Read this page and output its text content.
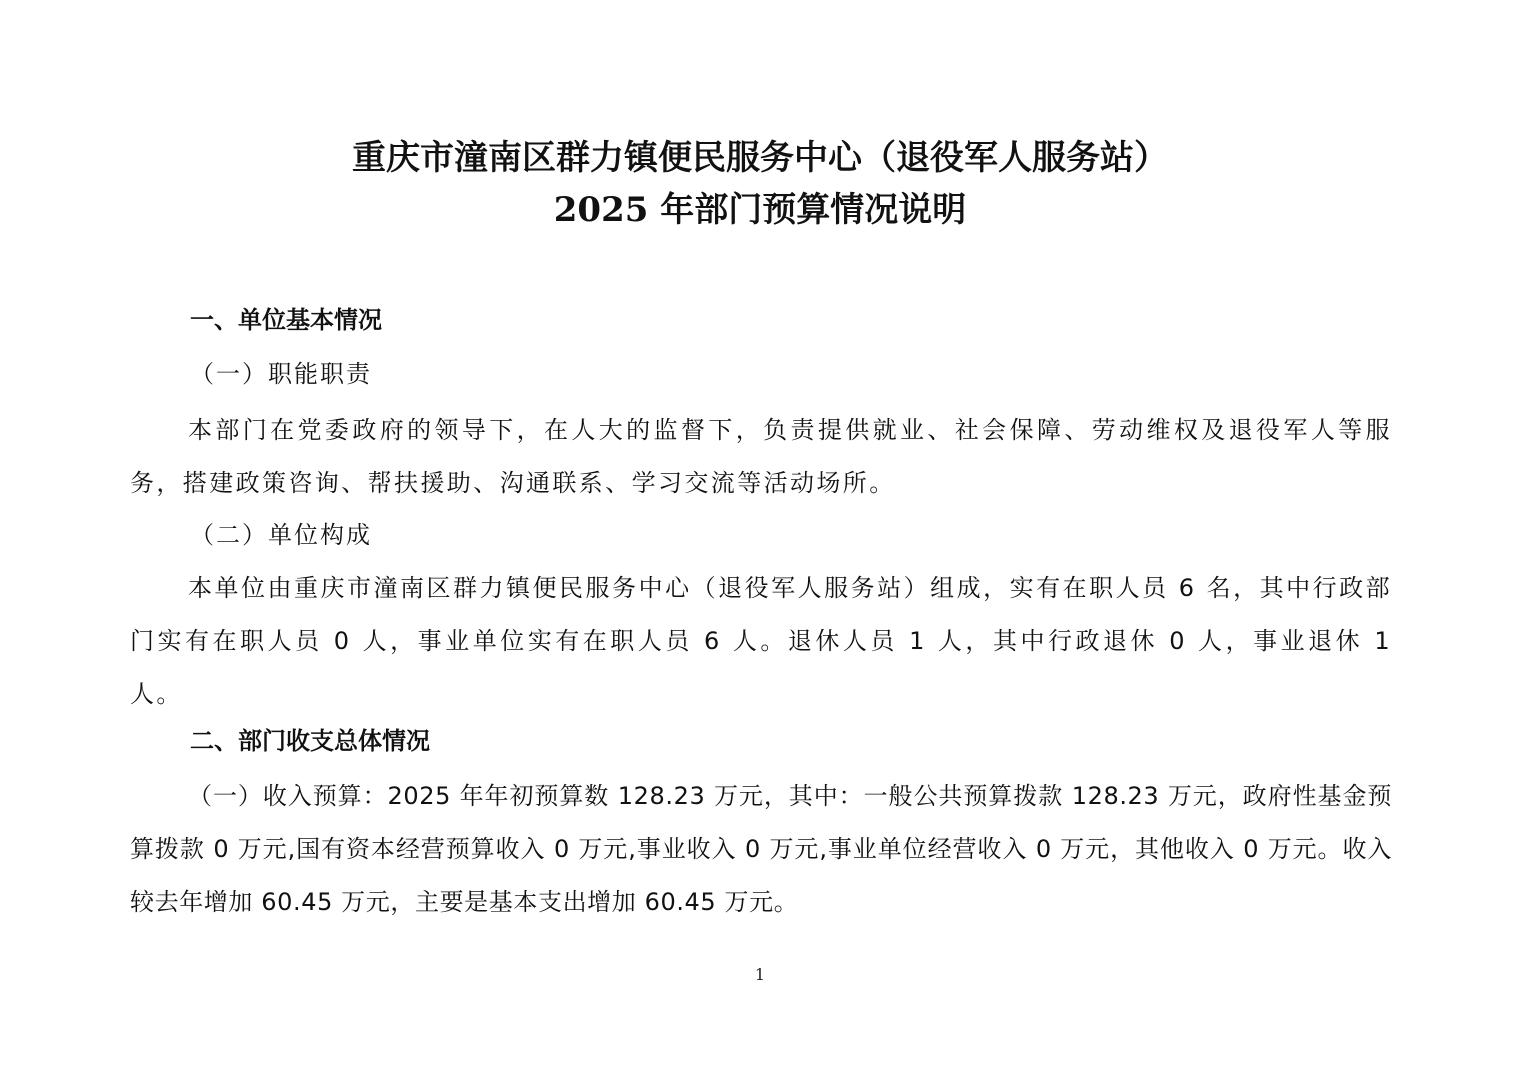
重庆市潼南区群力镇便民服务中心（退役军人服务站）
2025 年部门预算情况说明
一、单位基本情况
（一）职能职责
本部门在党委政府的领导下，在人大的监督下，负责提供就业、社会保障、劳动维权及退役军人等服务，搭建政策咨询、帮扶援助、沟通联系、学习交流等活动场所。
（二）单位构成
本单位由重庆市潼南区群力镇便民服务中心（退役军人服务站）组成，实有在职人员 6 名，其中行政部门实有在职人员 0 人，事业单位实有在职人员 6 人。退休人员 1 人，其中行政退休 0 人，事业退休 1 人。
二、部门收支总体情况
（一）收入预算：2025 年年初预算数 128.23 万元，其中：一般公共预算拨款 128.23 万元，政府性基金预算拨款 0 万元,国有资本经营预算收入 0 万元,事业收入 0 万元,事业单位经营收入 0 万元，其他收入 0 万元。收入较去年增加 60.45 万元，主要是基本支出增加 60.45 万元。
1
